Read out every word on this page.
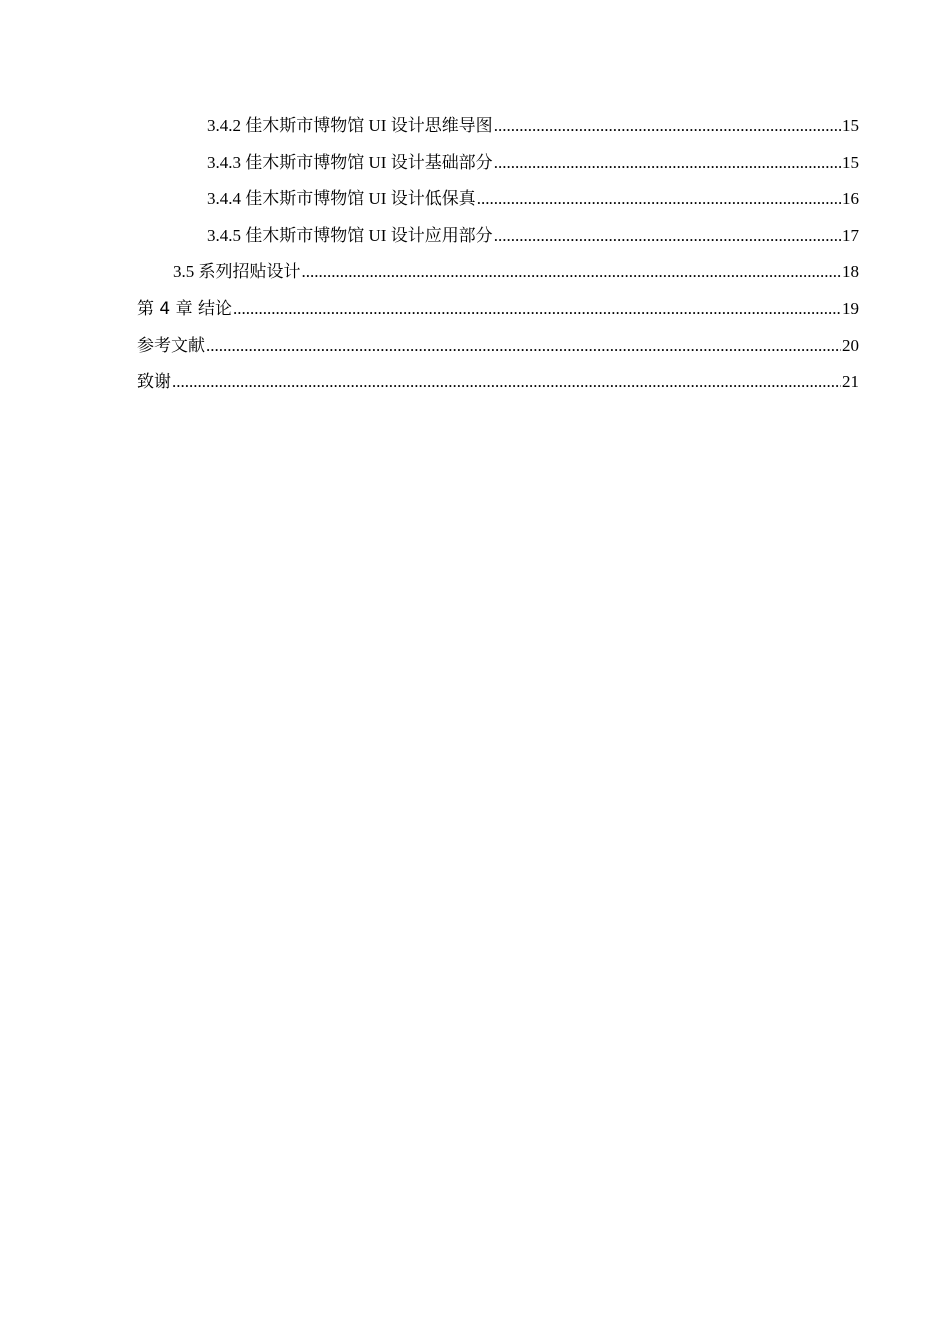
3.4.2 佳木斯市博物馆 UI 设计思维导图 .....	15
3.4.3 佳木斯市博物馆 UI 设计基础部分 .....	15
3.4.4 佳木斯市博物馆 UI 设计低保真 .....	16
3.4.5 佳木斯市博物馆 UI 设计应用部分 .....	17
3.5 系列招贴设计 .....	18
第 4 章 结论 .....	19
参考文献 .....	20
致谢 .....	21
